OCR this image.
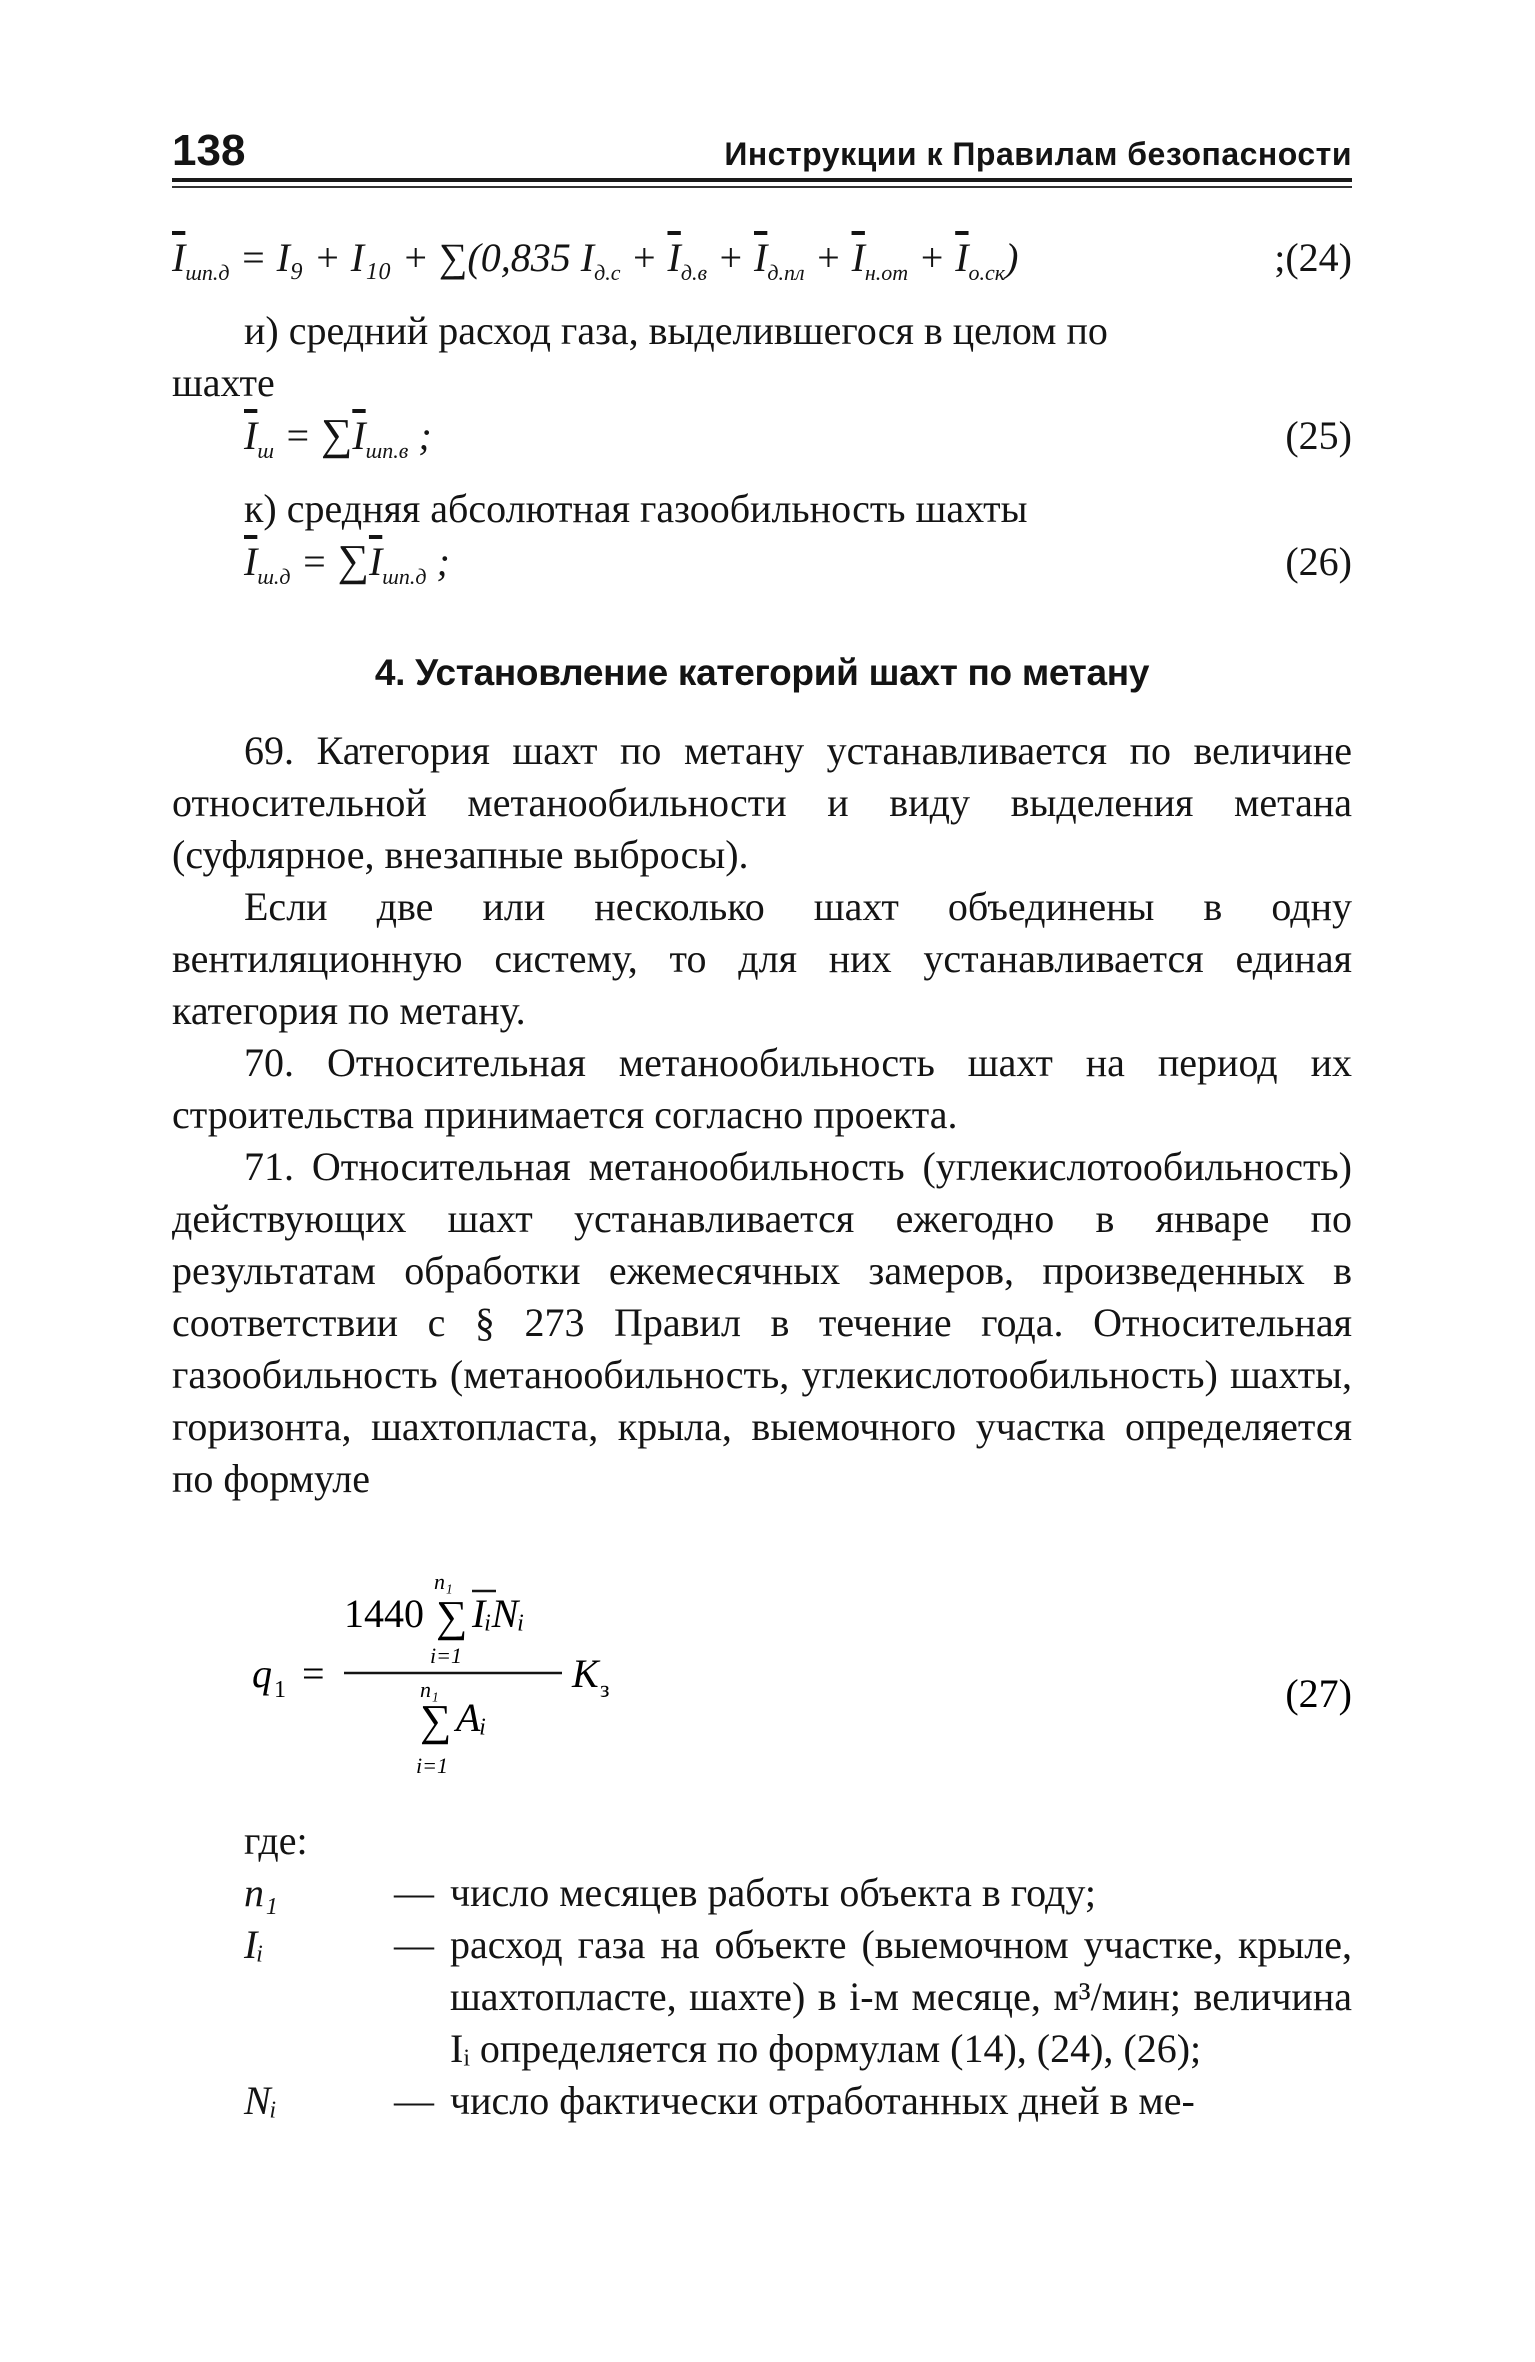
138	Инструкции к Правилам безопасности
$\overline{I}_{шп.д} = I_9 + I_{10} + \sum(0,835$ $I_{д.с} + \overline{I}_{д.в} + \overline{I}_{д.пл} + \overline{I}_{н.от} + \overline{I}_{о.ск}$)	;(24)

и) средний расход газа, выделившегося в целом по

шахте

$\overline{I}_ш = \sum\overline{I}_{шп.в}$ ;	(25)

к) средняя абсолютная газообильность шахты

$\overline{I}_{ш.д} = \sum\overline{I}_{шп.д}$ ;	(26)
4. Установление категорий шахт по метану

69. Категория шахт по метану устанавливается по величине относительной метанообильности и виду выделения метана (суфлярное, внезапные выбросы).

Если две или несколько шахт объединены в одну вентиляционную систему, то для них устанавливается единая категория по метану.

70. Относительная метанообильность шахт на период их строительства принимается согласно проекта.

71. Относительная метанообильность (углекислотообильность) действующих шахт устанавливается ежегодно в январе по результатам обработки ежемесячных замеров, произведенных в соответствии с § 273 Правил в течение года. Относительная газообильность (метанообильность, углекислотообильность) шахты, горизонта, шахтопласта, крыла, выемочного участка определяется по формуле

q 1 =
1440 ∑
n₁
i=1
IᵢNᵢ
K з
∑
n₁
i=1
Aᵢ
(27)
где:
n₁	— число месяцев работы объекта в году;
Iᵢ	— расход газа на объекте (выемочном участке, крыле, шахтопласте, шахте) в i-м месяце, м³/мин; величина Iᵢ определяется по формулам (14), (24), (26);
Nᵢ	— число фактически отработанных дней в ме-
